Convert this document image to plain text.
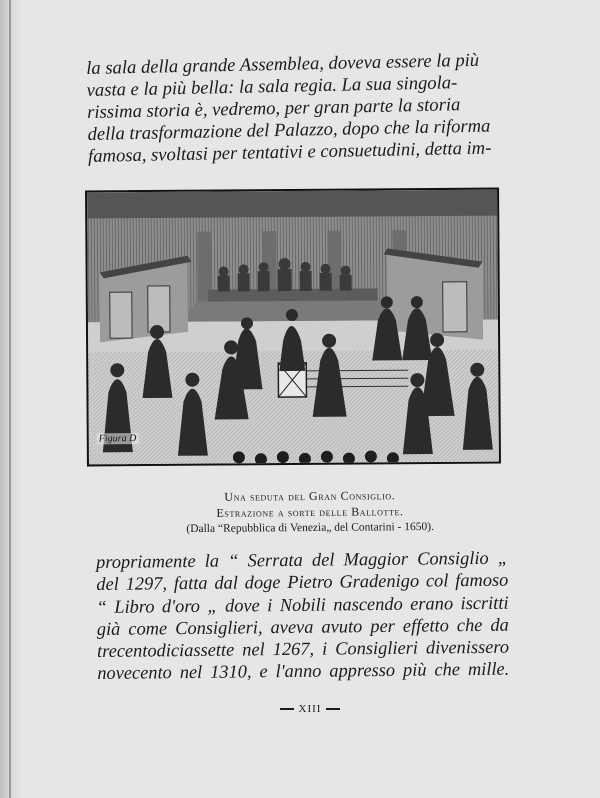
la sala della grande Assemblea, doveva essere la più
vasta e la più bella: la sala regia. La sua singola-
rissima storia è, vedremo, per gran parte la storia
della trasformazione del Palazzo, dopo che la riforma
famosa, svoltasi per tentativi e consuetudini, detta im-

Figura D
Una seduta del Gran Consiglio.
Estrazione a sorte delle Ballotte.
(Dalla “Repubblica di Venezia„ del Contarini - 1650).

propriamente la “ Serrata del Maggior Consiglio „
del 1297, fatta dal doge Pietro Gradenigo col famoso
“ Libro d'oro „ dove i Nobili nascendo erano iscritti
già come Consiglieri, aveva avuto per effetto che da
trecentodiciassette nel 1267, i Consiglieri divenissero
novecento nel 1310, e l'anno appresso più che mille.

XIII
